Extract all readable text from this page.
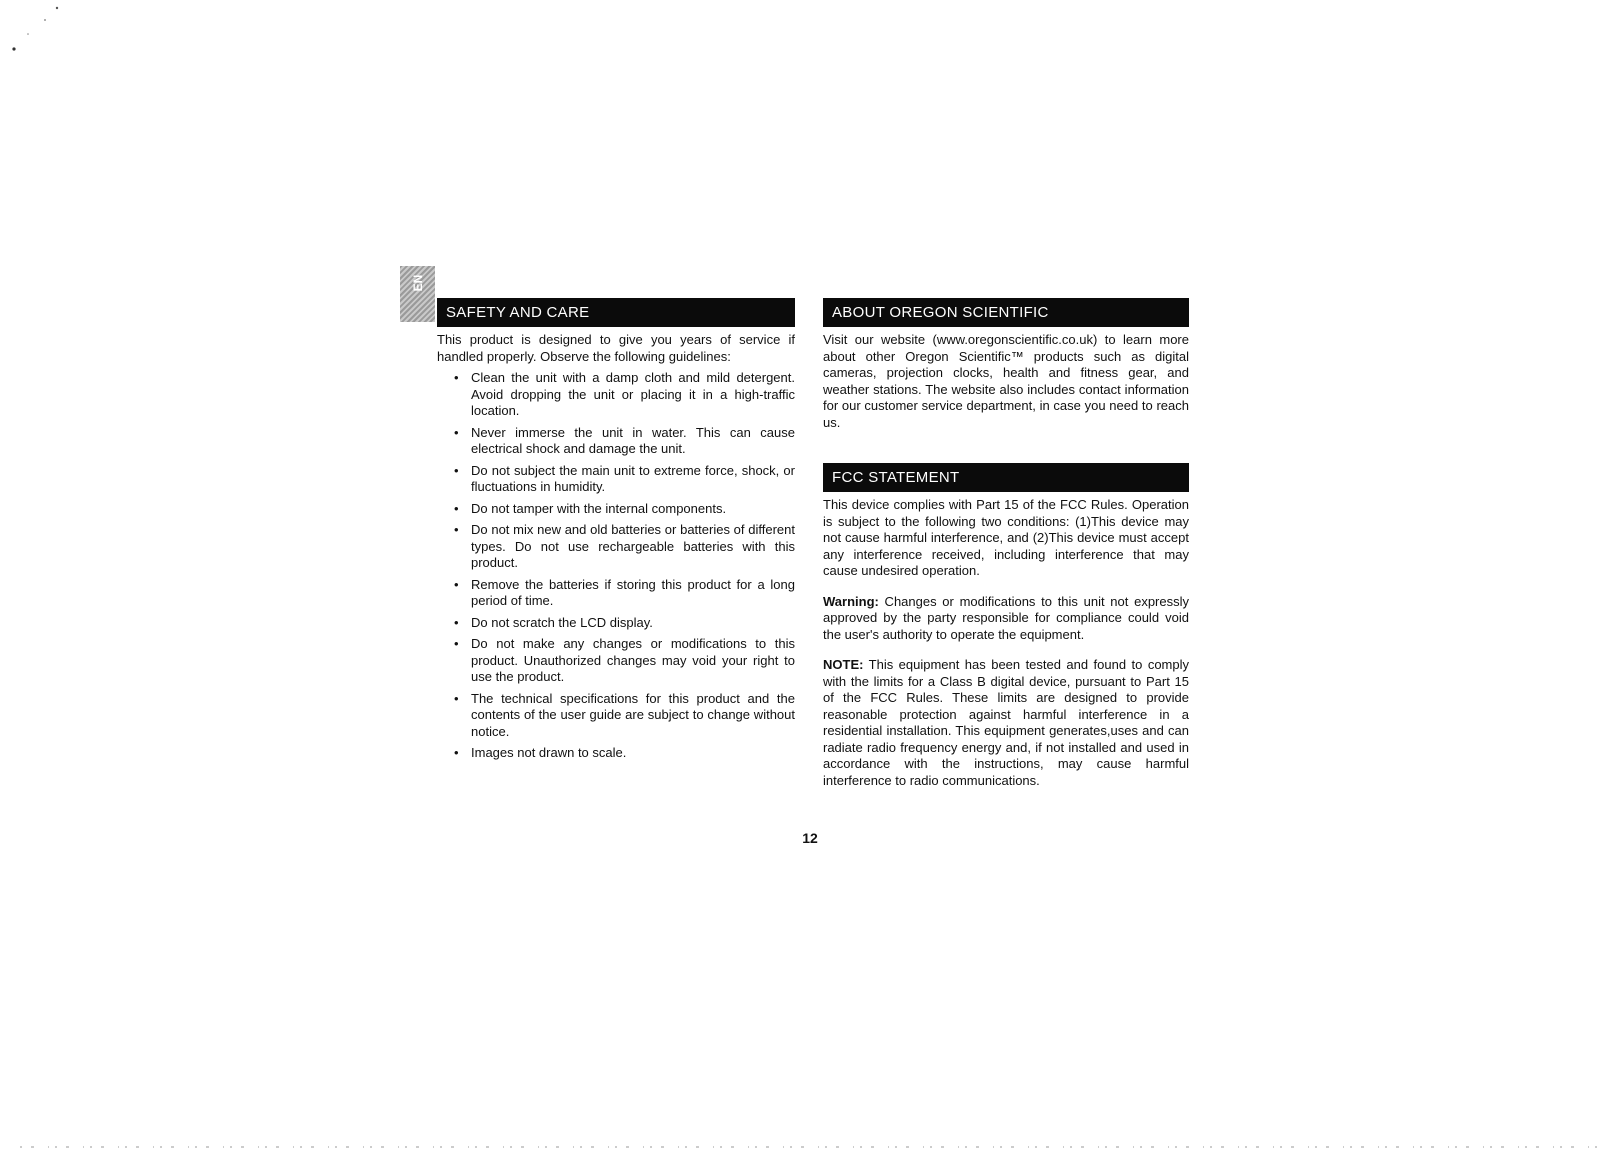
EN
SAFETY AND CARE

This product is designed to give you years of service if handled properly. Observe the following guidelines:

• Clean the unit with a damp cloth and mild detergent. Avoid dropping the unit or placing it in a high-traffic location.
• Never immerse the unit in water. This can cause electrical shock and damage the unit.
• Do not subject the main unit to extreme force, shock, or fluctuations in humidity.
• Do not tamper with the internal components.
• Do not mix new and old batteries or batteries of different types. Do not use rechargeable batteries with this product.
• Remove the batteries if storing this product for a long period of time.
• Do not scratch the LCD display.
• Do not make any changes or modifications to this product. Unauthorized changes may void your right to use the product.
• The technical specifications for this product and the contents of the user guide are subject to change without notice.
• Images not drawn to scale.
ABOUT OREGON SCIENTIFIC

Visit our website (www.oregonscientific.co.uk) to learn more about other Oregon Scientific™ products such as digital cameras, projection clocks, health and fitness gear, and weather stations. The website also includes contact information for our customer service department, in case you need to reach us.

FCC STATEMENT

This device complies with Part 15 of the FCC Rules. Operation is subject to the following two conditions: (1)This device may not cause harmful interference, and (2)This device must accept any interference received, including interference that may cause undesired operation.

Warning: Changes or modifications to this unit not expressly approved by the party responsible for compliance could void the user's authority to operate the equipment.

NOTE: This equipment has been tested and found to comply with the limits for a Class B digital device, pursuant to Part 15 of the FCC Rules. These limits are designed to provide reasonable protection against harmful interference in a residential installation. This equipment generates,uses and can radiate radio frequency energy and, if not installed and used in accordance with the instructions, may cause harmful interference to radio communications.

12
